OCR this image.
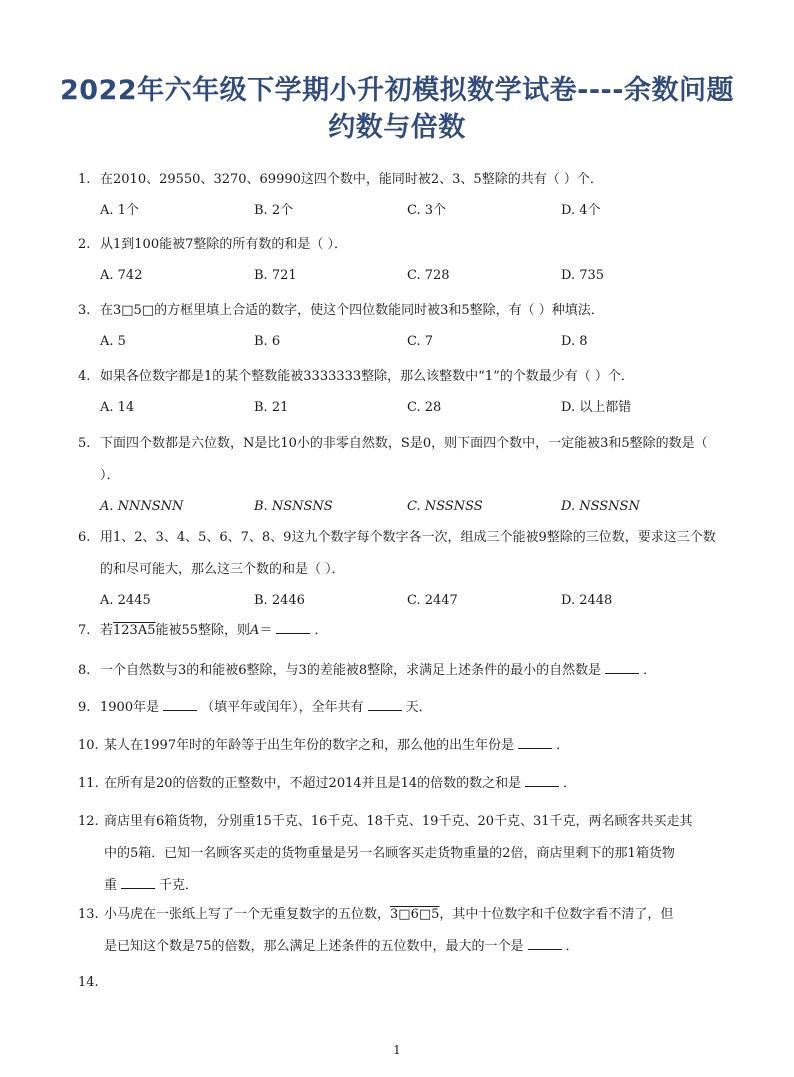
2022年六年级下学期小升初模拟数学试卷----余数问题 约数与倍数
1. 在2010、29550、3270、69990这四个数中，能同时被2、3、5整除的共有（ ）个．
A. 1个	B. 2个	C. 3个	D. 4个
2. 从1到100能被7整除的所有数的和是（ ）．
A. 742	B. 721	C. 728	D. 735
3. 在3□5□的方框里填上合适的数字，使这个四位数能同时被3和5整除，有（ ）种填法．
A. 5	B. 6	C. 7	D. 8
4. 如果各位数字都是1的某个整数能被3333333整除，那么该整数中“1”的个数最少有（ ）个．
A. 14	B. 21	C. 28	D. 以上都错
5. 下面四个数都是六位数，N是比10小的非零自然数，S是0，则下面四个数中，一定能被3和5整除的数是（ ）．
A. NNNSNN	B. NSNSNS	C. NSSNSS	D. NSSNSN
6. 用1、2、3、4、5、6、7、8、9这九个数字每个数字各一次，组成三个能被9整除的三位数，要求这三个数的和尽可能大，那么这三个数的和是（ ）．
A. 2445	B. 2446	C. 2447	D. 2448
7. 若123A5能被55整除，则A＝	．
8. 一个自然数与3的和能被6整除，与3的差能被8整除，求满足上述条件的最小的自然数是	．
9. 1900年是	（填平年或闰年），全年共有	天．
10. 某人在1997年时的年龄等于出生年份的数字之和，那么他的出生年份是	．
11. 在所有是20的倍数的正整数中，不超过2014并且是14的倍数的数之和是	．
12. 商店里有6箱货物，分别重15千克、16千克、18千克、19千克、20千克、31千克，两名顾客共买走其
中的5箱．已知一名顾客买走的货物重量是另一名顾客买走货物重量的2倍，商店里剩下的那1箱货物
重	千克．
13. 小马虎在一张纸上写了一个无重复数字的五位数，3□6□5，其中十位数字和千位数字看不清了，但
是已知这个数是75的倍数，那么满足上述条件的五位数中，最大的一个是	．
14.
1
